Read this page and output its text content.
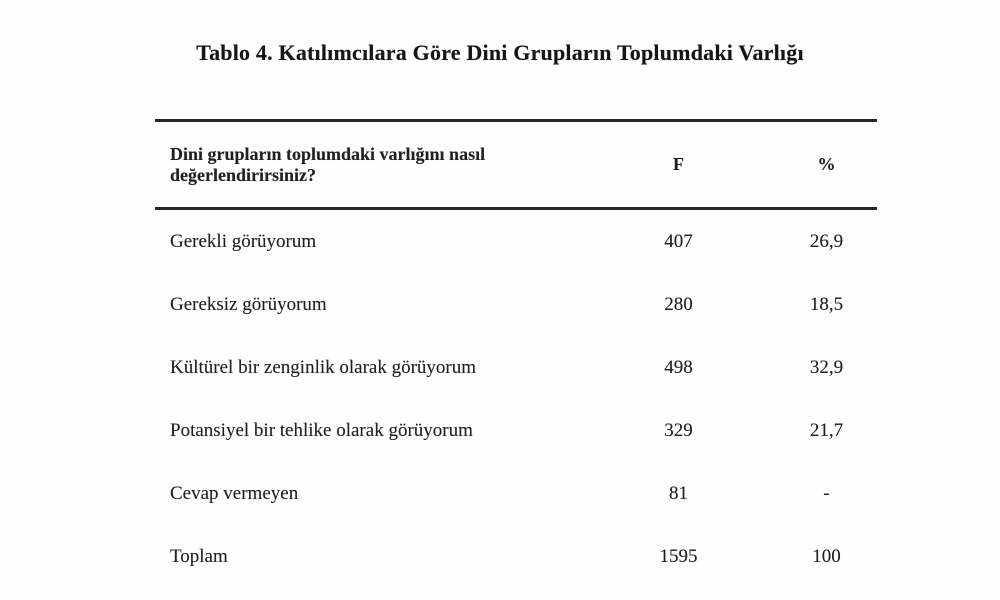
Tablo 4. Katılımcılara Göre Dini Grupların Toplumdaki Varlığı
Dini grupların toplumdaki varlığını nasıl değerlendirirsiniz?	F	%
Gerekli görüyorum	407	26,9
Gereksiz görüyorum	280	18,5
Kültürel bir zenginlik olarak görüyorum	498	32,9
Potansiyel bir tehlike olarak görüyorum	329	21,7
Cevap vermeyen	81	-
Toplam	1595	100
